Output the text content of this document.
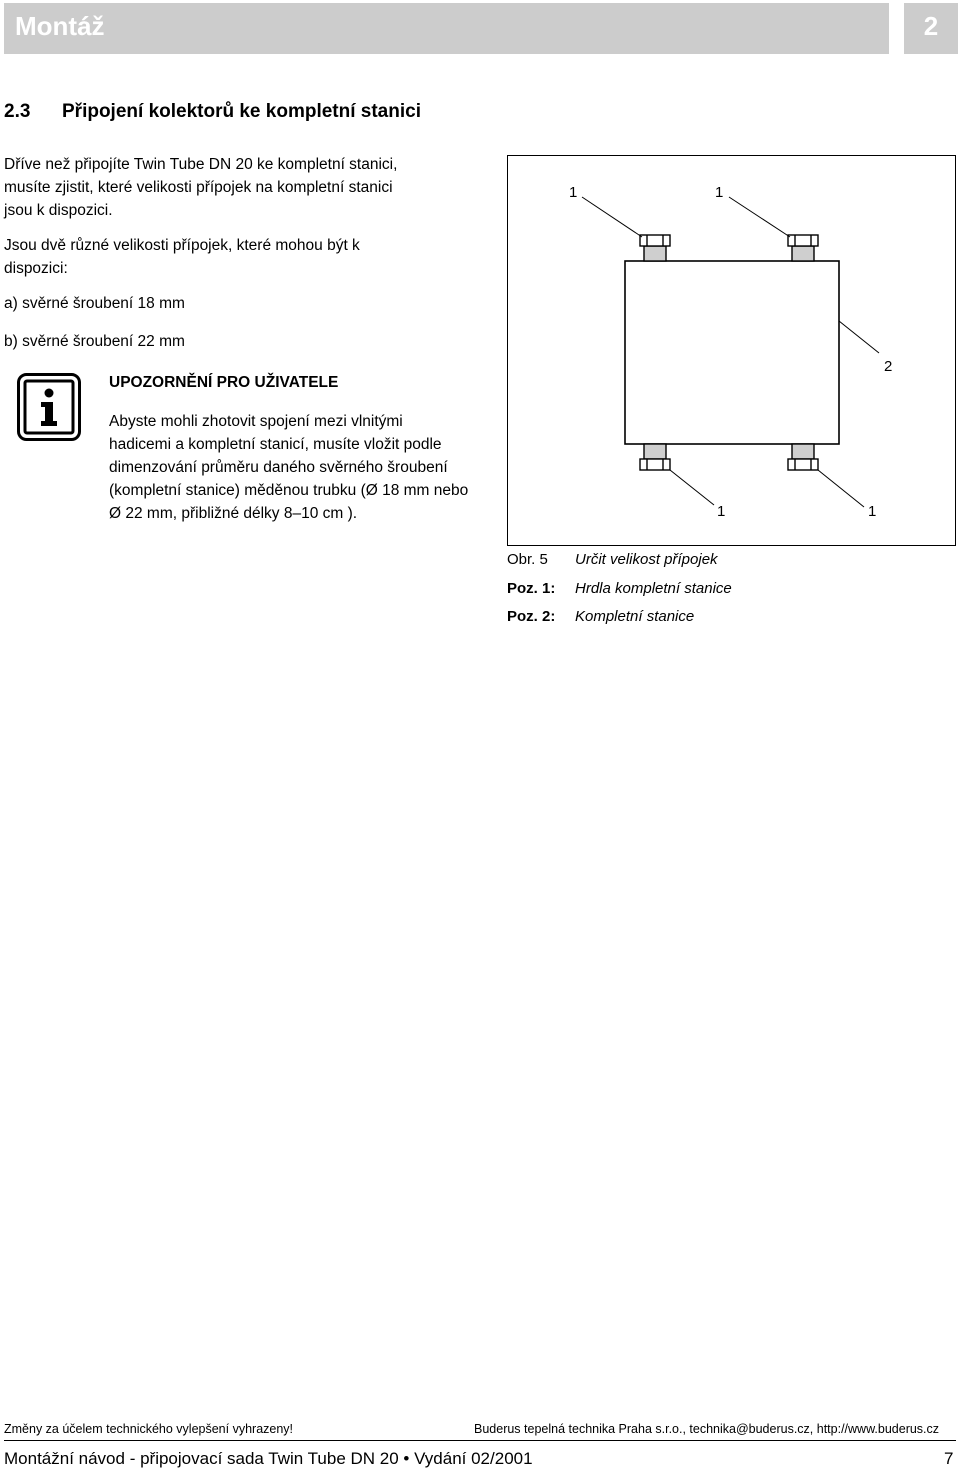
Montáž	2
2.3 Připojení kolektorů ke kompletní stanici
Dříve než připojíte Twin Tube DN 20 ke kompletní stanici, musíte zjistit, které velikosti přípojek na kompletní stanici jsou k dispozici.
Jsou dvě různé velikosti přípojek, které mohou být k dispozici:
a) svěrné šroubení 18 mm
b) svěrné šroubení 22 mm
UPOZORNĚNÍ PRO UŽIVATELE
Abyste mohli zhotovit spojení mezi vlnitými hadicemi a kompletní stanicí, musíte vložit podle dimenzování průměru daného svěrného šroubení (kompletní stanice) měděnou trubku (Ø 18 mm nebo Ø 22 mm, přibližné délky 8–10 cm ).
1	1
2
1	1
Obr. 5 Určit velikost přípojek
Poz. 1: Hrdla kompletní stanice
Poz. 2: Kompletní stanice
Změny za účelem technického vylepšení vyhrazeny!	Buderus tepelná technika Praha s.r.o., technika@buderus.cz, http://www.buderus.cz
Montážní návod - připojovací sada Twin Tube DN 20 • Vydání 02/2001	7
